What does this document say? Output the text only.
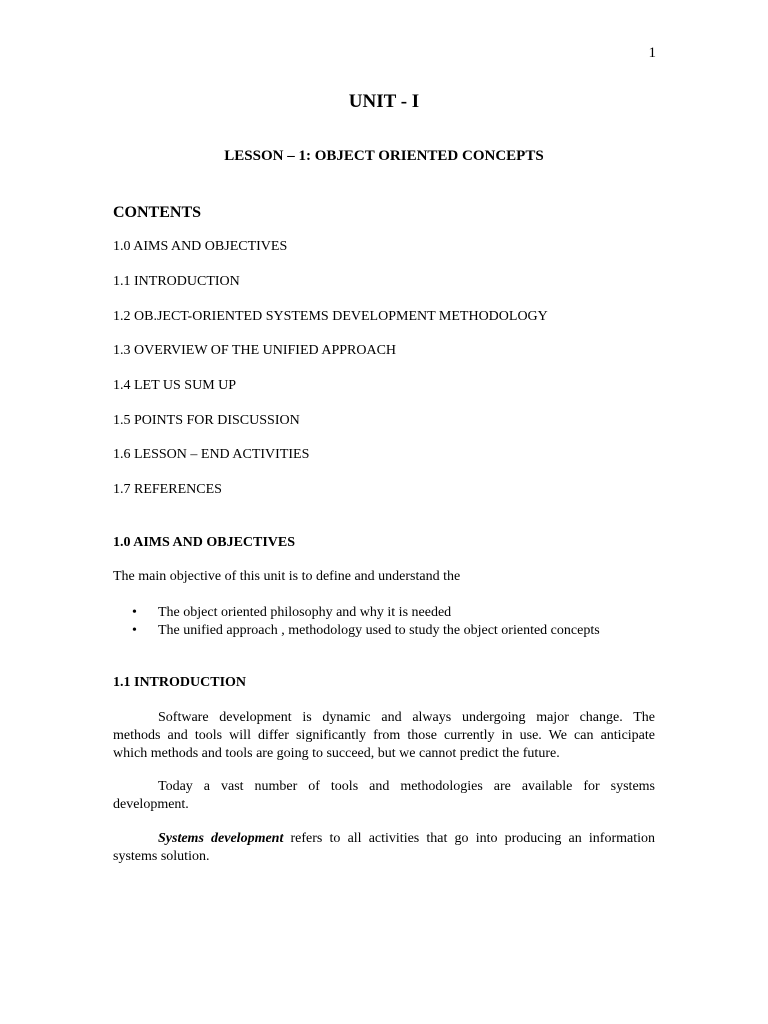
1
UNIT - I
LESSON – 1: OBJECT ORIENTED CONCEPTS
CONTENTS
1.0 AIMS AND OBJECTIVES
1.1 INTRODUCTION
1.2 OB.JECT-ORIENTED SYSTEMS DEVELOPMENT METHODOLOGY
1.3 OVERVIEW OF THE UNIFIED APPROACH
1.4 LET US SUM UP
1.5 POINTS FOR DISCUSSION
1.6 LESSON – END ACTIVITIES
1.7 REFERENCES
1.0 AIMS AND OBJECTIVES
The main objective of this unit is to define and understand the
•	The object oriented philosophy and why it is needed
•	The unified approach , methodology used to study the object oriented concepts
1.1 INTRODUCTION
Software development is dynamic and always undergoing major change. The
methods and tools will differ significantly from those currently in use. We can anticipate
which methods and tools are going to succeed, but we cannot predict the future.
Today a vast number of tools and methodologies are available for systems
development.
Systems development refers to all activities that go into producing an information
systems solution.
